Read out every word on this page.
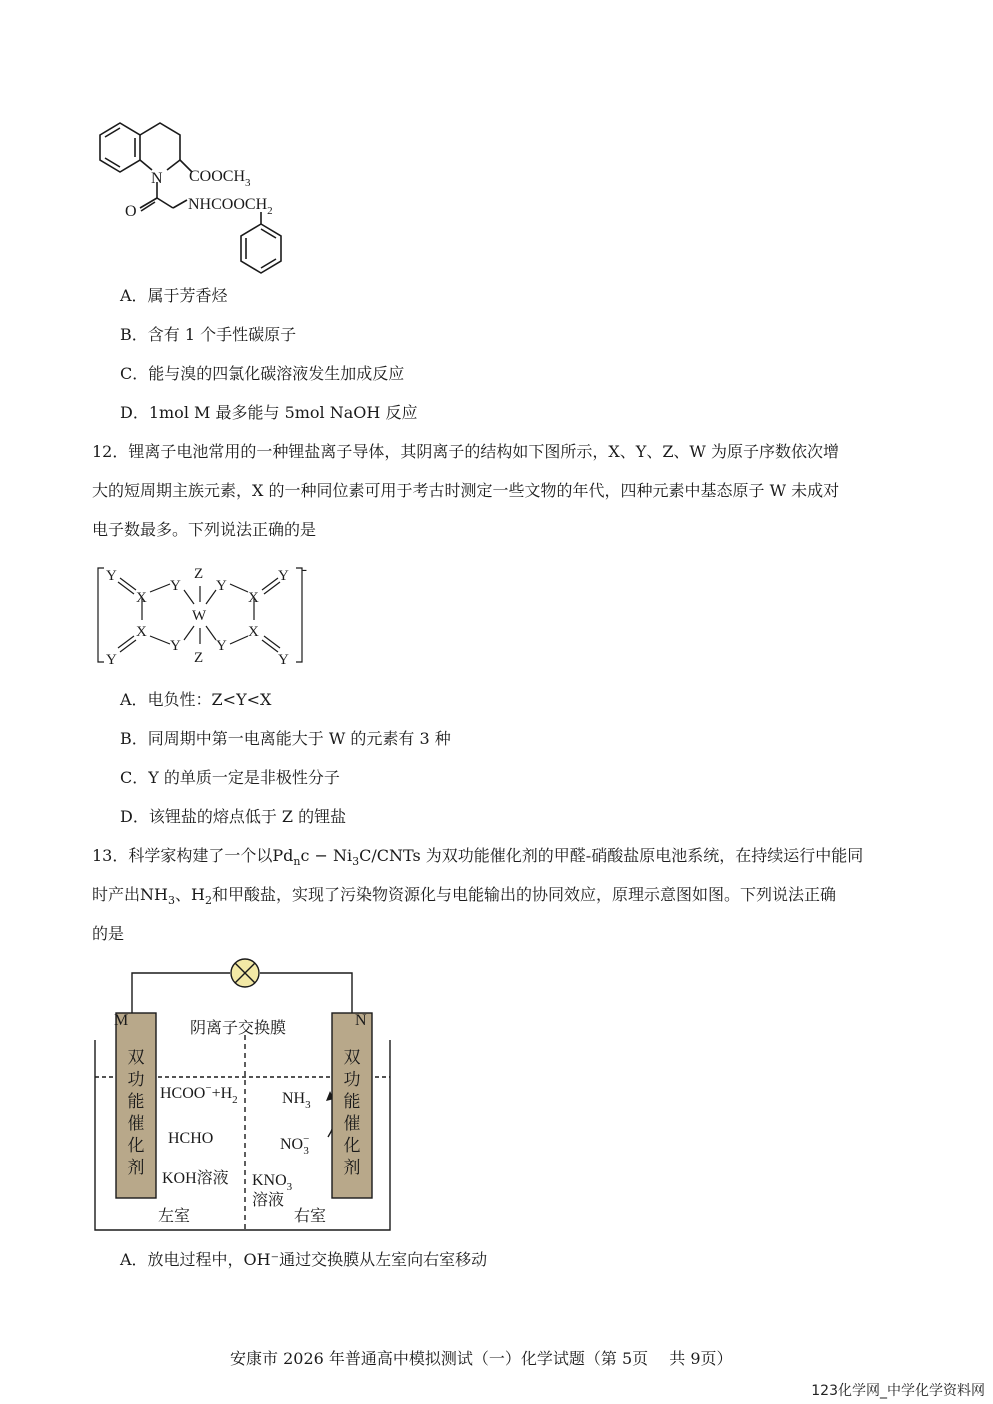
N
O
$COOCH_3$
$NHCOOCH_2$
A．属于芳香烃
B．含有 1 个手性碳原子
C．能与溴的四氯化碳溶液发生加成反应
D．1mol M 最多能与 5mol NaOH 反应
12．锂离子电池常用的一种锂盐离子导体，其阴离子的结构如下图所示，X、Y、Z、W 为原子序数依次增
大的短周期主族元素，X 的一种同位素可用于考古时测定一些文物的年代，四种元素中基态原子 W 未成对
电子数最多。下列说法正确的是
Y
Y
X
X
Y
Y
Z
W
Z
Y
Y
X
X
Y
Y
-
A．电负性：Z<Y<X
B．同周期中第一电离能大于 W 的元素有 3 种
C．Y 的单质一定是非极性分子
D．该锂盐的熔点低于 Z 的锂盐
13．科学家构建了一个以$Pd_nc$ − $Ni_3C$/CNTs 为双功能催化剂的甲醛-硝酸盐原电池系统，在持续运行中能同
时产出$NH_3$、$H_2$和甲酸盐，实现了污染物资源化与电能输出的协同效应，原理示意图如图。下列说法正确
的是
双
功
能
催
化
剂
双
功
能
催
化
剂
M	N
阴离子交换膜
$HCOO^-+H_2$
HCHO
KOH溶液
$NH_3$
NO− 3
$KNO_3$
溶液
左室	右室
A．放电过程中，OH⁻通过交换膜从左室向右室移动
安康市 2026 年普通高中模拟测试（一）化学试题（第 5页　 共 9页）
123化学网_中学化学资料网
